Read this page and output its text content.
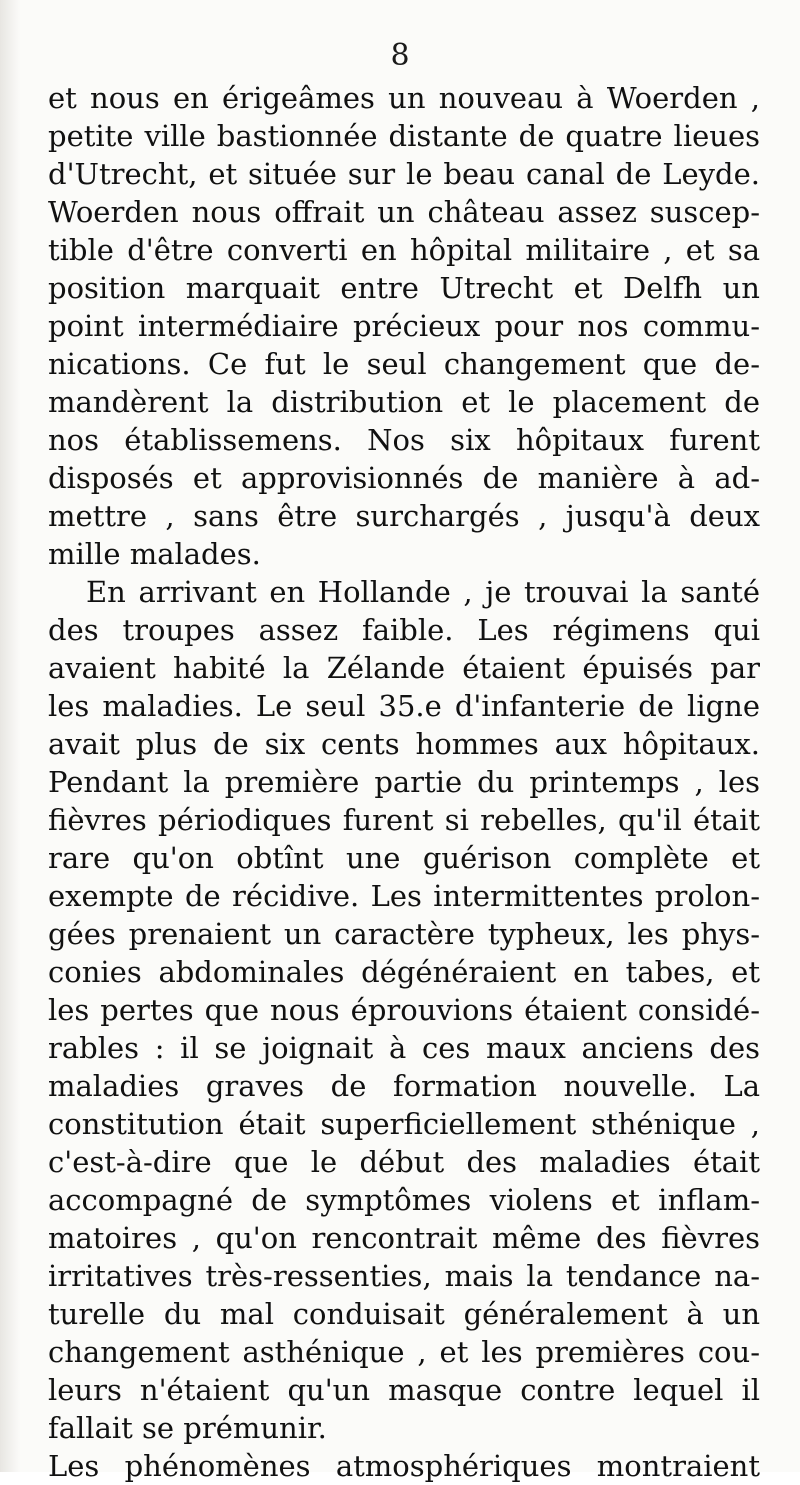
8
et nous en érigeâmes un nouveau à Woerden ,
petite ville bastionnée distante de quatre lieues
d'Utrecht, et située sur le beau canal de Leyde.
Woerden nous offrait un château assez suscep-
tible d'être converti en hôpital militaire , et sa
position marquait entre Utrecht et Delfh un
point intermédiaire précieux pour nos commu-
nications. Ce fut le seul changement que de-
mandèrent la distribution et le placement de
nos établissemens. Nos six hôpitaux furent
disposés et approvisionnés de manière à ad-
mettre , sans être surchargés , jusqu'à deux
mille malades.
En arrivant en Hollande , je trouvai la santé
des troupes assez faible. Les régimens qui
avaient habité la Zélande étaient épuisés par
les maladies. Le seul 35.e d'infanterie de ligne
avait plus de six cents hommes aux hôpitaux.
Pendant la première partie du printemps , les
fièvres périodiques furent si rebelles, qu'il était
rare qu'on obtînt une guérison complète et
exempte de récidive. Les intermittentes prolon-
gées prenaient un caractère typheux, les phys-
conies abdominales dégénéraient en tabes, et
les pertes que nous éprouvions étaient considé-
rables : il se joignait à ces maux anciens des
maladies graves de formation nouvelle. La
constitution était superficiellement sthénique ,
c'est-à-dire que le début des maladies était
accompagné de symptômes violens et inflam-
matoires , qu'on rencontrait même des fièvres
irritatives très-ressenties, mais la tendance na-
turelle du mal conduisait généralement à un
changement asthénique , et les premières cou-
leurs n'étaient qu'un masque contre lequel il
fallait se prémunir.
Les phénomènes atmosphériques montraient
